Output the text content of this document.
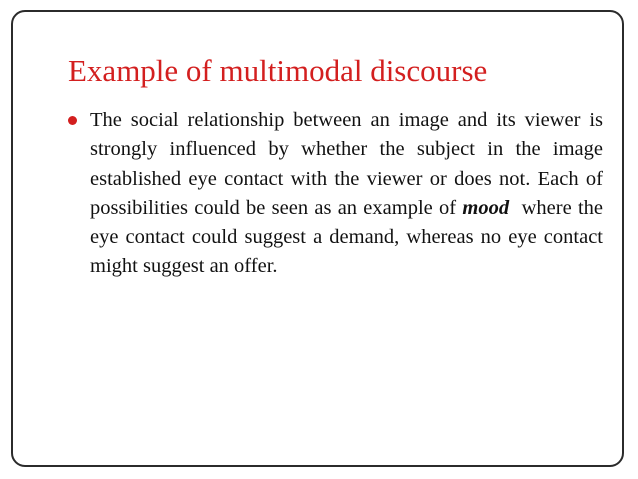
Example of multimodal discourse
The social relationship between an image and its viewer is strongly influenced by whether the subject in the image established eye contact with the viewer or does not. Each of possibilities could be seen as an example of mood  where the eye contact could suggest a demand, whereas no eye contact might suggest an offer.
